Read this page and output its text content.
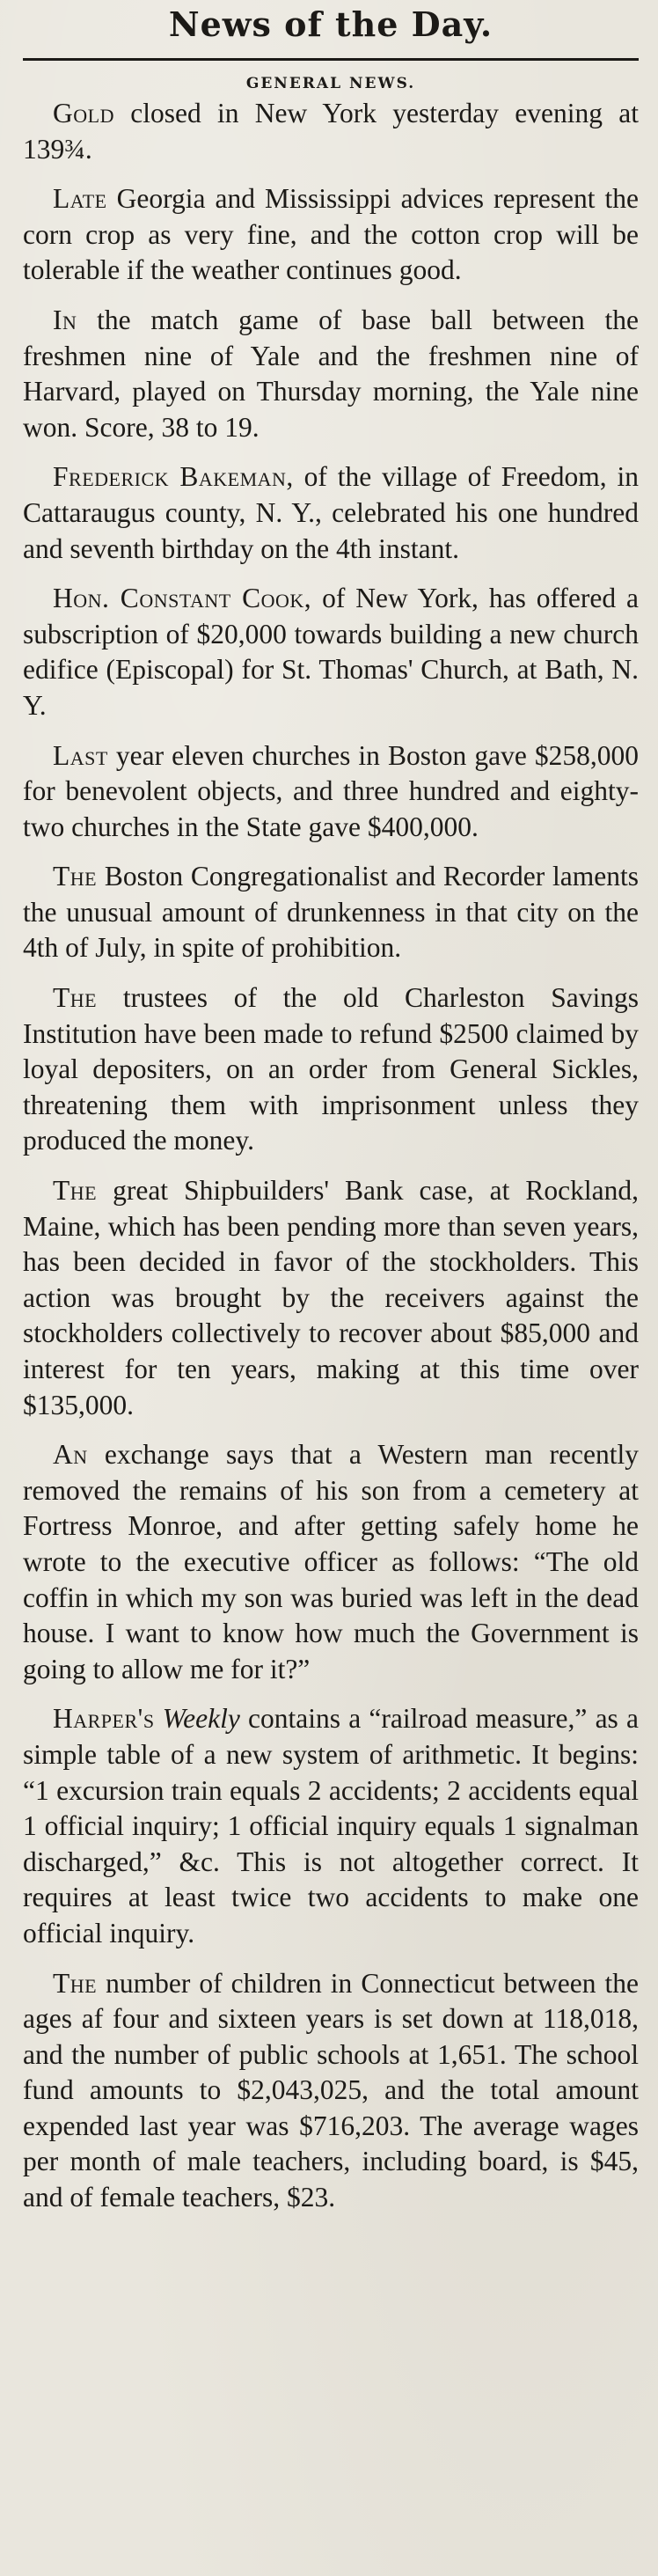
News of the Day.
GENERAL NEWS.

Gold closed in New York yesterday evening at 139¾.

Late Georgia and Mississippi advices represent the corn crop as very fine, and the cotton crop will be tolerable if the weather continues good.

In the match game of base ball between the freshmen nine of Yale and the freshmen nine of Harvard, played on Thursday morning, the Yale nine won. Score, 38 to 19.

Frederick Bakeman, of the village of Freedom, in Cattaraugus county, N. Y., celebrated his one hundred and seventh birthday on the 4th instant.

Hon. Constant Cook, of New York, has offered a subscription of $20,000 towards building a new church edifice (Episcopal) for St. Thomas' Church, at Bath, N. Y.

Last year eleven churches in Boston gave $258,000 for benevolent objects, and three hundred and eighty-two churches in the State gave $400,000.

The Boston Congregationalist and Recorder laments the unusual amount of drunkenness in that city on the 4th of July, in spite of prohibition.

The trustees of the old Charleston Savings Institution have been made to refund $2500 claimed by loyal depositers, on an order from General Sickles, threatening them with imprisonment unless they produced the money.

The great Shipbuilders' Bank case, at Rockland, Maine, which has been pending more than seven years, has been decided in favor of the stockholders. This action was brought by the receivers against the stockholders collectively to recover about $85,000 and interest for ten years, making at this time over $135,000.

An exchange says that a Western man recently removed the remains of his son from a cemetery at Fortress Monroe, and after getting safely home he wrote to the executive officer as follows: “The old coffin in which my son was buried was left in the dead house. I want to know how much the Government is going to allow me for it?”

Harper's Weekly contains a “railroad measure,” as a simple table of a new system of arithmetic. It begins: “1 excursion train equals 2 accidents; 2 accidents equal 1 official inquiry; 1 official inquiry equals 1 signalman discharged,” &c. This is not altogether correct. It requires at least twice two accidents to make one official inquiry.

The number of children in Connecticut between the ages af four and sixteen years is set down at 118,018, and the number of public schools at 1,651. The school fund amounts to $2,043,025, and the total amount expended last year was $716,203. The average wages per month of male teachers, including board, is $45, and of female teachers, $23.
